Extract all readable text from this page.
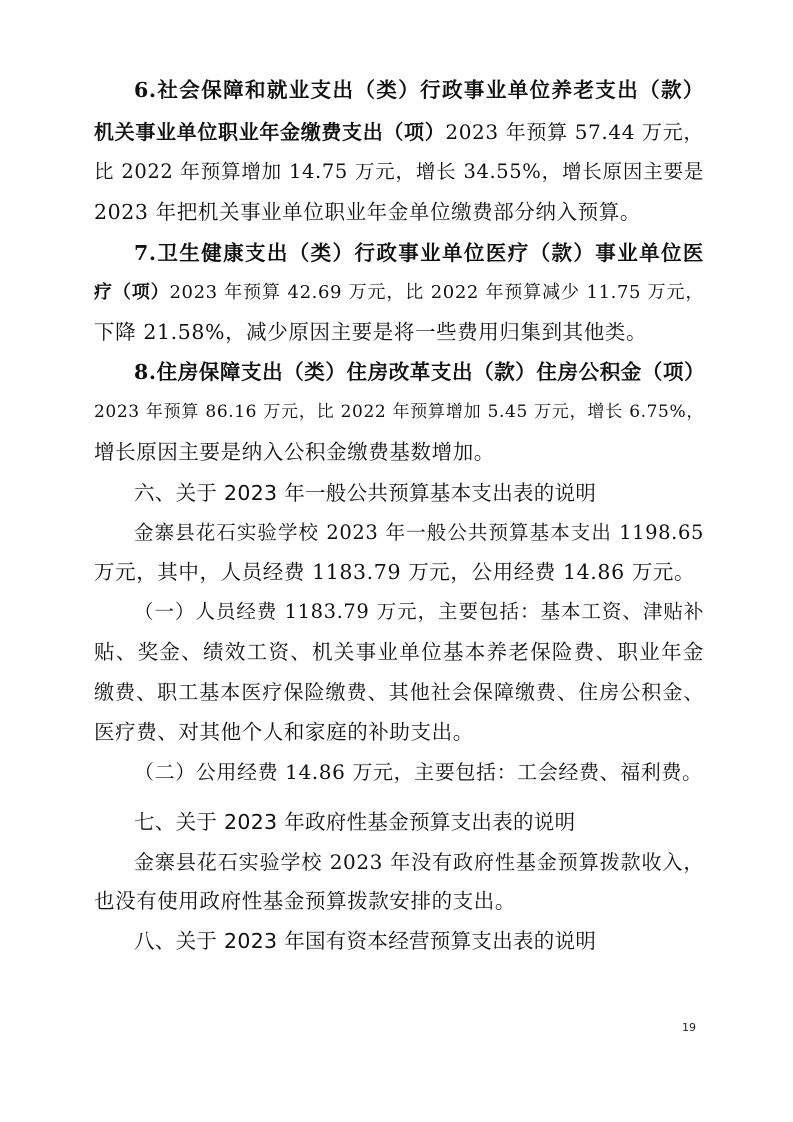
6.社会保障和就业支出（类）行政事业单位养老支出（款）
机关事业单位职业年金缴费支出（项）2023 年预算 57.44 万元，
比 2022 年预算增加 14.75 万元，增长 34.55%，增长原因主要是
2023 年把机关事业单位职业年金单位缴费部分纳入预算。
7.卫生健康支出（类）行政事业单位医疗（款）事业单位医
疗（项）2023 年预算 42.69 万元，比 2022 年预算减少 11.75 万元，
下降 21.58%，减少原因主要是将一些费用归集到其他类。
8.住房保障支出（类）住房改革支出（款）住房公积金（项）
2023 年预算 86.16 万元，比 2022 年预算增加 5.45 万元，增长 6.75%，
增长原因主要是纳入公积金缴费基数增加。
六、关于 2023 年一般公共预算基本支出表的说明
金寨县花石实验学校 2023 年一般公共预算基本支出 1198.65
万元，其中，人员经费 1183.79 万元，公用经费 14.86 万元。
（一）人员经费 1183.79 万元，主要包括：基本工资、津贴补
贴、奖金、绩效工资、机关事业单位基本养老保险费、职业年金
缴费、职工基本医疗保险缴费、其他社会保障缴费、住房公积金、
医疗费、对其他个人和家庭的补助支出。
（二）公用经费 14.86 万元，主要包括：工会经费、福利费。
七、关于 2023 年政府性基金预算支出表的说明
金寨县花石实验学校 2023 年没有政府性基金预算拨款收入，
也没有使用政府性基金预算拨款安排的支出。
八、关于 2023 年国有资本经营预算支出表的说明
19
